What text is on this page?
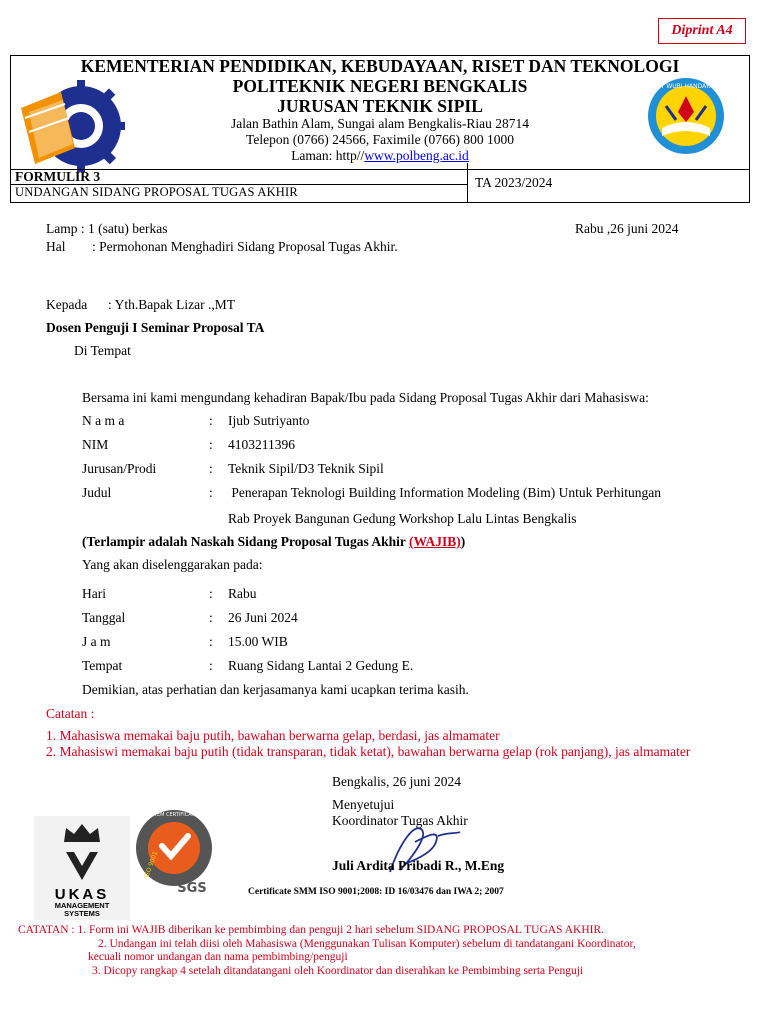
Diprint A4
KEMENTERIAN PENDIDIKAN, KEBUDAYAAN, RISET DAN TEKNOLOGI
POLITEKNIK NEGERI BENGKALIS
JURUSAN TEKNIK SIPIL
Jalan Bathin Alam, Sungai alam Bengkalis-Riau 28714
Telepon (0766) 24566, Faximile (0766) 800 1000
Laman: http//www.polbeng.ac.id
TUT WURI HANDAYANI
FORMULIR 3
UNDANGAN SIDANG PROPOSAL TUGAS AKHIR
TA 2023/2024
Lamp : 1 (satu) berkas	Rabu ,26 juni 2024
Hal : Permohonan Menghadiri Sidang Proposal Tugas Akhir.
Kepada : Yth.Bapak Lizar .,MT
Dosen Penguji I Seminar Proposal TA
Di Tempat
Bersama ini kami mengundang kehadiran Bapak/Ibu pada Sidang Proposal Tugas Akhir dari Mahasiswa:
N a m a	: Ijub Sutriyanto
NIM	: 4103211396
Jurusan/Prodi	: Teknik Sipil/D3 Teknik Sipil
Judul	: Penerapan Teknologi Building Information Modeling (Bim) Untuk Perhitungan
Rab Proyek Bangunan Gedung Workshop Lalu Lintas Bengkalis
(Terlampir adalah Naskah Sidang Proposal Tugas Akhir (WAJIB))
Yang akan diselenggarakan pada:
Hari	: Rabu
Tanggal	: 26 Juni 2024
J a m	: 15.00 WIB
Tempat	: Ruang Sidang Lantai 2 Gedung E.
Demikian, atas perhatian dan kerjasamanya kami ucapkan terima kasih.
Catatan :
1. Mahasiswa memakai baju putih, bawahan berwarna gelap, berdasi, jas almamater
2. Mahasiswi memakai baju putih (tidak transparan, tidak ketat), bawahan berwarna gelap (rok panjang), jas almamater
Bengkalis, 26 juni 2024
Menyetujui
Koordinator Tugas Akhir
Juli Ardita Pribadi R., M.Eng
Certificate SMM ISO 9001;2008: ID 16/03476 dan IWA 2; 2007
UKAS
MANAGEMENT
SYSTEMS
SYSTEM CERTIFICATION
ISO 9001
SGS
CATATAN : 1. Form ini WAJIB diberikan ke pembimbing dan penguji 2 hari sebelum SIDANG PROPOSAL TUGAS AKHIR.
2. Undangan ini telah diisi oleh Mahasiswa (Menggunakan Tulisan Komputer) sebelum di tandatangani Koordinator,
kecuali nomor undangan dan nama pembimbing/penguji
3. Dicopy rangkap 4 setelah ditandatangani oleh Koordinator dan diserahkan ke Pembimbing serta Penguji
